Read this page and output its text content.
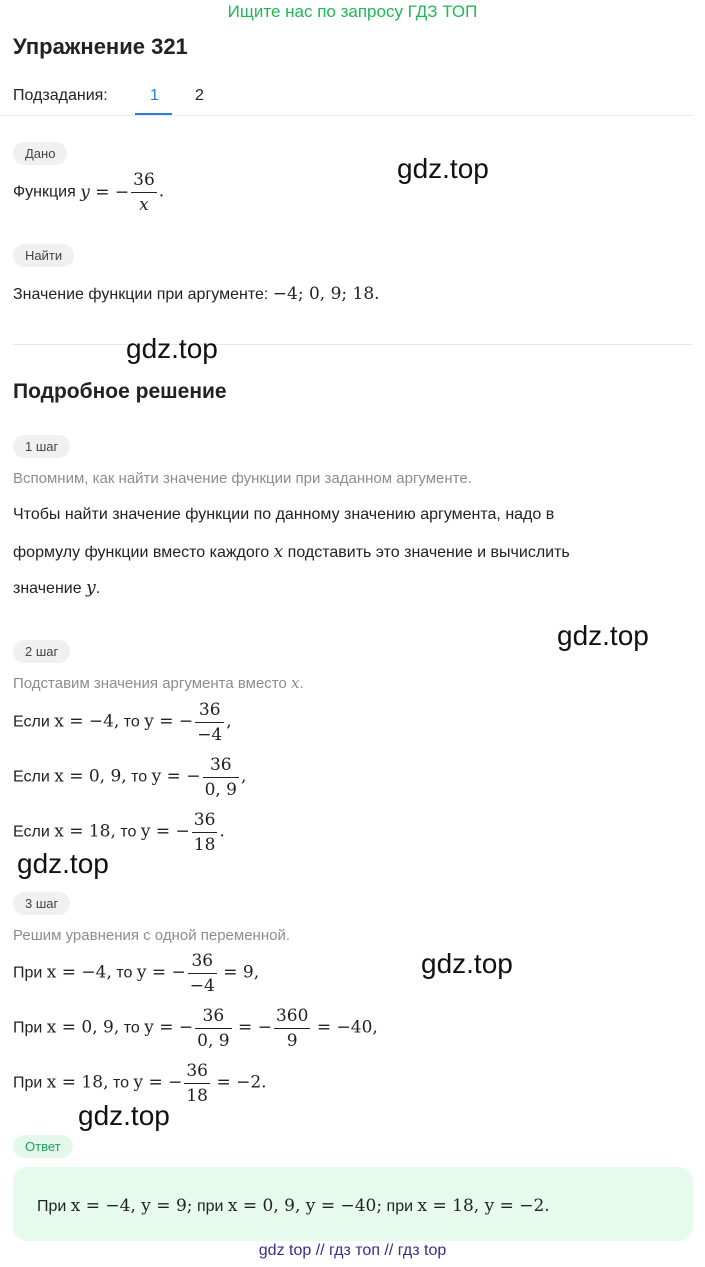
Ищите нас по запросу ГДЗ ТОП
Упражнение 321
Подзадания:	1 2
Дано
Функция y = − $\frac{36}{x}$ .
Найти
Значение функции при аргументе: −4; 0, 9; 18.
Подробное решение
1 шаг
Вспомним, как найти значение функции при заданном аргументе.
Чтобы найти значение функции по данному значению аргумента, надо в
формулу функции вместо каждого x подставить это значение и вычислить
значение y.
2 шаг
Подставим значения аргумента вместо x.
Если x = −4, то y = − $\frac{36}{-4}$ ,
Если x = 0, 9, то y = − $\frac{36}{0, 9}$ ,
Если x = 18, то y = − $\frac{36}{18}$ .
3 шаг
Решим уравнения с одной переменной.
При x = −4, то y = − $\frac{36}{-4} = 9$,
При x = 0, 9, то y = − $\frac{36}{0, 9}$ = − $\frac{360}{9} = -40$,
При x = 18, то y = − $\frac{36}{18} = -2$.
Ответ
При x = −4, y = 9; при x = 0, 9, y = −40; при x = 18, y = −2.
gdz.top
gdz.top
gdz.top
gdz.top
gdz.top
gdz.top
gdz top // гдз топ // гдз top
